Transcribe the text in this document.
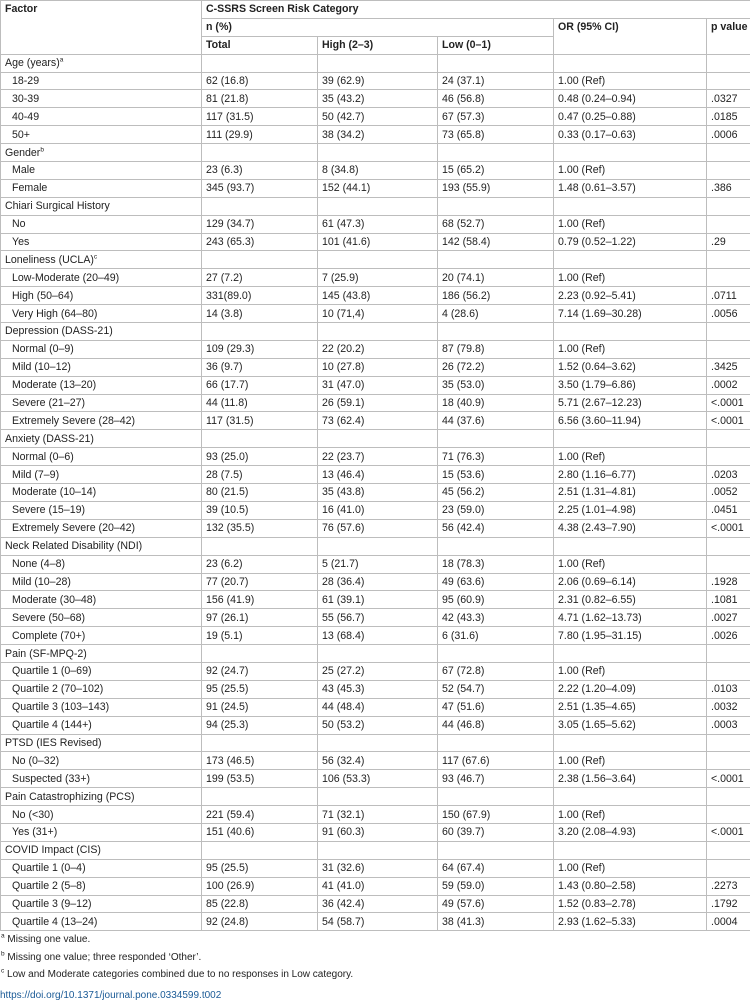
Factor	C-SSRS Screen Risk Category				
	n (%)			OR (95% CI)	p value
	Total	High (2–3)	Low (0–1)		
Age (years)$^a$					
18-29	62 (16.8)	39 (62.9)	24 (37.1)	1.00 (Ref)	
30-39	81 (21.8)	35 (43.2)	46 (56.8)	0.48 (0.24–0.94)	.0327
40-49	117 (31.5)	50 (42.7)	67 (57.3)	0.47 (0.25–0.88)	.0185
50+	111 (29.9)	38 (34.2)	73 (65.8)	0.33 (0.17–0.63)	.0006
Gender$^b$					
Male	23 (6.3)	8 (34.8)	15 (65.2)	1.00 (Ref)	
Female	345 (93.7)	152 (44.1)	193 (55.9)	1.48 (0.61–3.57)	.386
Chiari Surgical History					
No	129 (34.7)	61 (47.3)	68 (52.7)	1.00 (Ref)	
Yes	243 (65.3)	101 (41.6)	142 (58.4)	0.79 (0.52–1.22)	.29
Loneliness (UCLA)$^c$					
Low-Moderate (20–49)	27 (7.2)	7 (25.9)	20 (74.1)	1.00 (Ref)	
High (50–64)	331(89.0)	145 (43.8)	186 (56.2)	2.23 (0.92–5.41)	.0711
Very High (64–80)	14 (3.8)	10 (71,4)	4 (28.6)	7.14 (1.69–30.28)	.0056
Depression (DASS-21)					
Normal (0–9)	109 (29.3)	22 (20.2)	87 (79.8)	1.00 (Ref)	
Mild (10–12)	36 (9.7)	10 (27.8)	26 (72.2)	1.52 (0.64–3.62)	.3425
Moderate (13–20)	66 (17.7)	31 (47.0)	35 (53.0)	3.50 (1.79–6.86)	.0002
Severe (21–27)	44 (11.8)	26 (59.1)	18 (40.9)	5.71 (2.67–12.23)	<.0001
Extremely Severe (28–42)	117 (31.5)	73 (62.4)	44 (37.6)	6.56 (3.60–11.94)	<.0001
Anxiety (DASS-21)					
Normal (0–6)	93 (25.0)	22 (23.7)	71 (76.3)	1.00 (Ref)	
Mild (7–9)	28 (7.5)	13 (46.4)	15 (53.6)	2.80 (1.16–6.77)	.0203
Moderate (10–14)	80 (21.5)	35 (43.8)	45 (56.2)	2.51 (1.31–4.81)	.0052
Severe (15–19)	39 (10.5)	16 (41.0)	23 (59.0)	2.25 (1.01–4.98)	.0451
Extremely Severe (20–42)	132 (35.5)	76 (57.6)	56 (42.4)	4.38 (2.43–7.90)	<.0001
Neck Related Disability (NDI)					
None (4–8)	23 (6.2)	5 (21.7)	18 (78.3)	1.00 (Ref)	
Mild (10–28)	77 (20.7)	28 (36.4)	49 (63.6)	2.06 (0.69–6.14)	.1928
Moderate (30–48)	156 (41.9)	61 (39.1)	95 (60.9)	2.31 (0.82–6.55)	.1081
Severe (50–68)	97 (26.1)	55 (56.7)	42 (43.3)	4.71 (1.62–13.73)	.0027
Complete (70+)	19 (5.1)	13 (68.4)	6 (31.6)	7.80 (1.95–31.15)	.0026
Pain (SF-MPQ-2)					
Quartile 1 (0–69)	92 (24.7)	25 (27.2)	67 (72.8)	1.00 (Ref)	
Quartile 2 (70–102)	95 (25.5)	43 (45.3)	52 (54.7)	2.22 (1.20–4.09)	.0103
Quartile 3 (103–143)	91 (24.5)	44 (48.4)	47 (51.6)	2.51 (1.35–4.65)	.0032
Quartile 4 (144+)	94 (25.3)	50 (53.2)	44 (46.8)	3.05 (1.65–5.62)	.0003
PTSD (IES Revised)					
No (0–32)	173 (46.5)	56 (32.4)	117 (67.6)	1.00 (Ref)	
Suspected (33+)	199 (53.5)	106 (53.3)	93 (46.7)	2.38 (1.56–3.64)	<.0001
Pain Catastrophizing (PCS)					
No (<30)	221 (59.4)	71 (32.1)	150 (67.9)	1.00 (Ref)	
Yes (31+)	151 (40.6)	91 (60.3)	60 (39.7)	3.20 (2.08–4.93)	<.0001
COVID Impact (CIS)					
Quartile 1 (0–4)	95 (25.5)	31 (32.6)	64 (67.4)	1.00 (Ref)	
Quartile 2 (5–8)	100 (26.9)	41 (41.0)	59 (59.0)	1.43 (0.80–2.58)	.2273
Quartile 3 (9–12)	85 (22.8)	36 (42.4)	49 (57.6)	1.52 (0.83–2.78)	.1792
Quartile 4 (13–24)	92 (24.8)	54 (58.7)	38 (41.3)	2.93 (1.62–5.33)	.0004
$^a$ Missing one value.
$^b$ Missing one value; three responded ‘Other’.
$^c$ Low and Moderate categories combined due to no responses in Low category.
https://doi.org/10.1371/journal.pone.0334599.t002
